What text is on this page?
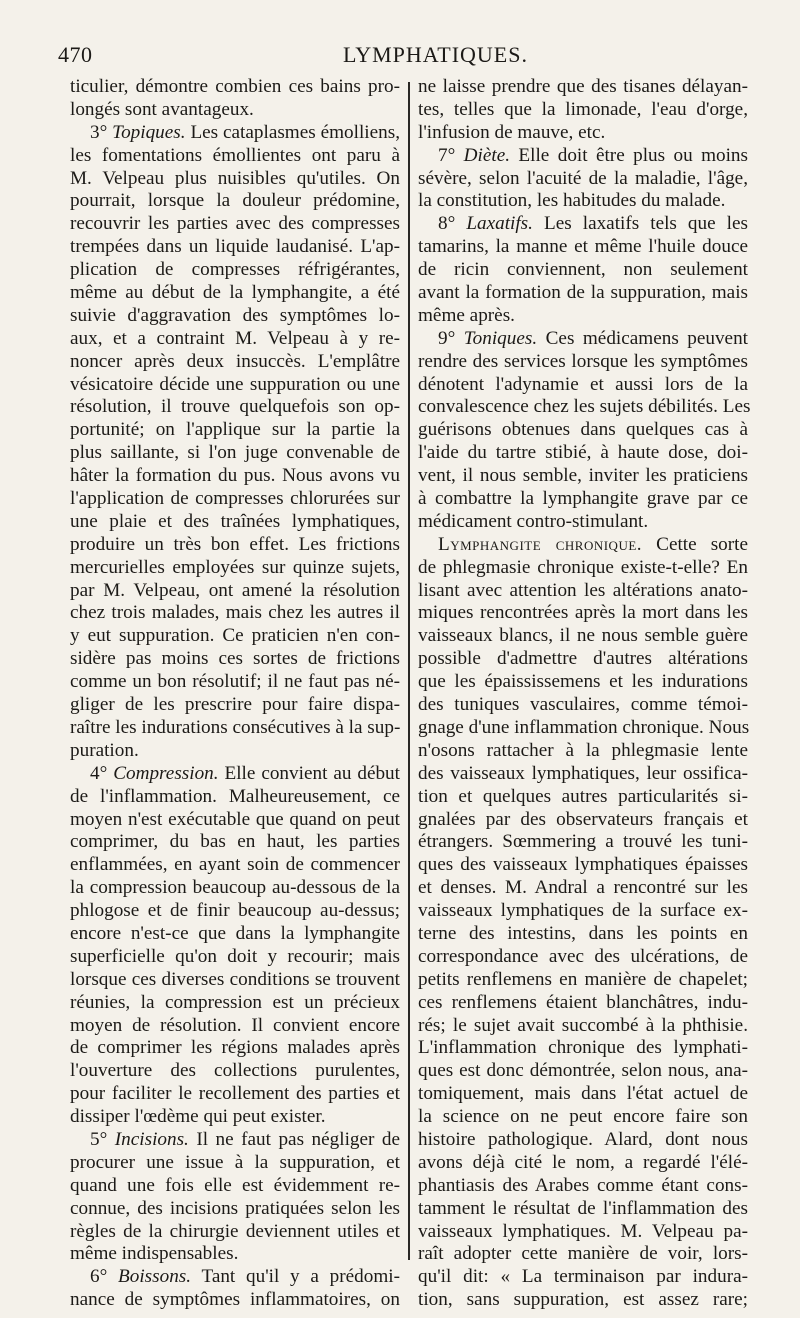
470	LYMPHATIQUES.
ticulier, démontre combien ces bains pro-
longés sont avantageux.
3° Topiques. Les cataplasmes émolliens,
les fomentations émollientes ont paru à
M. Velpeau plus nuisibles qu'utiles. On
pourrait, lorsque la douleur prédomine,
recouvrir les parties avec des compresses
trempées dans un liquide laudanisé. L'ap-
plication de compresses réfrigérantes,
même au début de la lymphangite, a été
suivie d'aggravation des symptômes lo-
aux, et a contraint M. Velpeau à y re-
noncer après deux insuccès. L'emplâtre
vésicatoire décide une suppuration ou une
résolution, il trouve quelquefois son op-
portunité; on l'applique sur la partie la
plus saillante, si l'on juge convenable de
hâter la formation du pus. Nous avons vu
l'application de compresses chlorurées sur
une plaie et des traînées lymphatiques,
produire un très bon effet. Les frictions
mercurielles employées sur quinze sujets,
par M. Velpeau, ont amené la résolution
chez trois malades, mais chez les autres il
y eut suppuration. Ce praticien n'en con-
sidère pas moins ces sortes de frictions
comme un bon résolutif; il ne faut pas né-
gliger de les prescrire pour faire dispa-
raître les indurations consécutives à la sup-
puration.
4° Compression. Elle convient au début
de l'inflammation. Malheureusement, ce
moyen n'est exécutable que quand on peut
comprimer, du bas en haut, les parties
enflammées, en ayant soin de commencer
la compression beaucoup au-dessous de la
phlogose et de finir beaucoup au-dessus;
encore n'est-ce que dans la lymphangite
superficielle qu'on doit y recourir; mais
lorsque ces diverses conditions se trouvent
réunies, la compression est un précieux
moyen de résolution. Il convient encore
de comprimer les régions malades après
l'ouverture des collections purulentes,
pour faciliter le recollement des parties et
dissiper l'œdème qui peut exister.
5° Incisions. Il ne faut pas négliger de
procurer une issue à la suppuration, et
quand une fois elle est évidemment re-
connue, des incisions pratiquées selon les
règles de la chirurgie deviennent utiles et
même indispensables.
6° Boissons. Tant qu'il y a prédomi-
nance de symptômes inflammatoires, on
ne laisse prendre que des tisanes délayan-
tes, telles que la limonade, l'eau d'orge,
l'infusion de mauve, etc.
7° Diète. Elle doit être plus ou moins
sévère, selon l'acuité de la maladie, l'âge,
la constitution, les habitudes du malade.
8° Laxatifs. Les laxatifs tels que les
tamarins, la manne et même l'huile douce
de ricin conviennent, non seulement
avant la formation de la suppuration, mais
même après.
9° Toniques. Ces médicamens peuvent
rendre des services lorsque les symptômes
dénotent l'adynamie et aussi lors de la
convalescence chez les sujets débilités. Les
guérisons obtenues dans quelques cas à
l'aide du tartre stibié, à haute dose, doi-
vent, il nous semble, inviter les praticiens
à combattre la lymphangite grave par ce
médicament contro-stimulant.
Lymphangite chronique. Cette sorte
de phlegmasie chronique existe-t-elle? En
lisant avec attention les altérations anato-
miques rencontrées après la mort dans les
vaisseaux blancs, il ne nous semble guère
possible d'admettre d'autres altérations
que les épaississemens et les indurations
des tuniques vasculaires, comme témoi-
gnage d'une inflammation chronique. Nous
n'osons rattacher à la phlegmasie lente
des vaisseaux lymphatiques, leur ossifica-
tion et quelques autres particularités si-
gnalées par des observateurs français et
étrangers. Sœmmering a trouvé les tuni-
ques des vaisseaux lymphatiques épaisses
et denses. M. Andral a rencontré sur les
vaisseaux lymphatiques de la surface ex-
terne des intestins, dans les points en
correspondance avec des ulcérations, de
petits renflemens en manière de chapelet;
ces renflemens étaient blanchâtres, indu-
rés; le sujet avait succombé à la phthisie.
L'inflammation chronique des lymphati-
ques est donc démontrée, selon nous, ana-
tomiquement, mais dans l'état actuel de
la science on ne peut encore faire son
histoire pathologique. Alard, dont nous
avons déjà cité le nom, a regardé l'élé-
phantiasis des Arabes comme étant cons-
tamment le résultat de l'inflammation des
vaisseaux lymphatiques. M. Velpeau pa-
raît adopter cette manière de voir, lors-
qu'il dit: « La terminaison par indura-
tion, sans suppuration, est assez rare;
